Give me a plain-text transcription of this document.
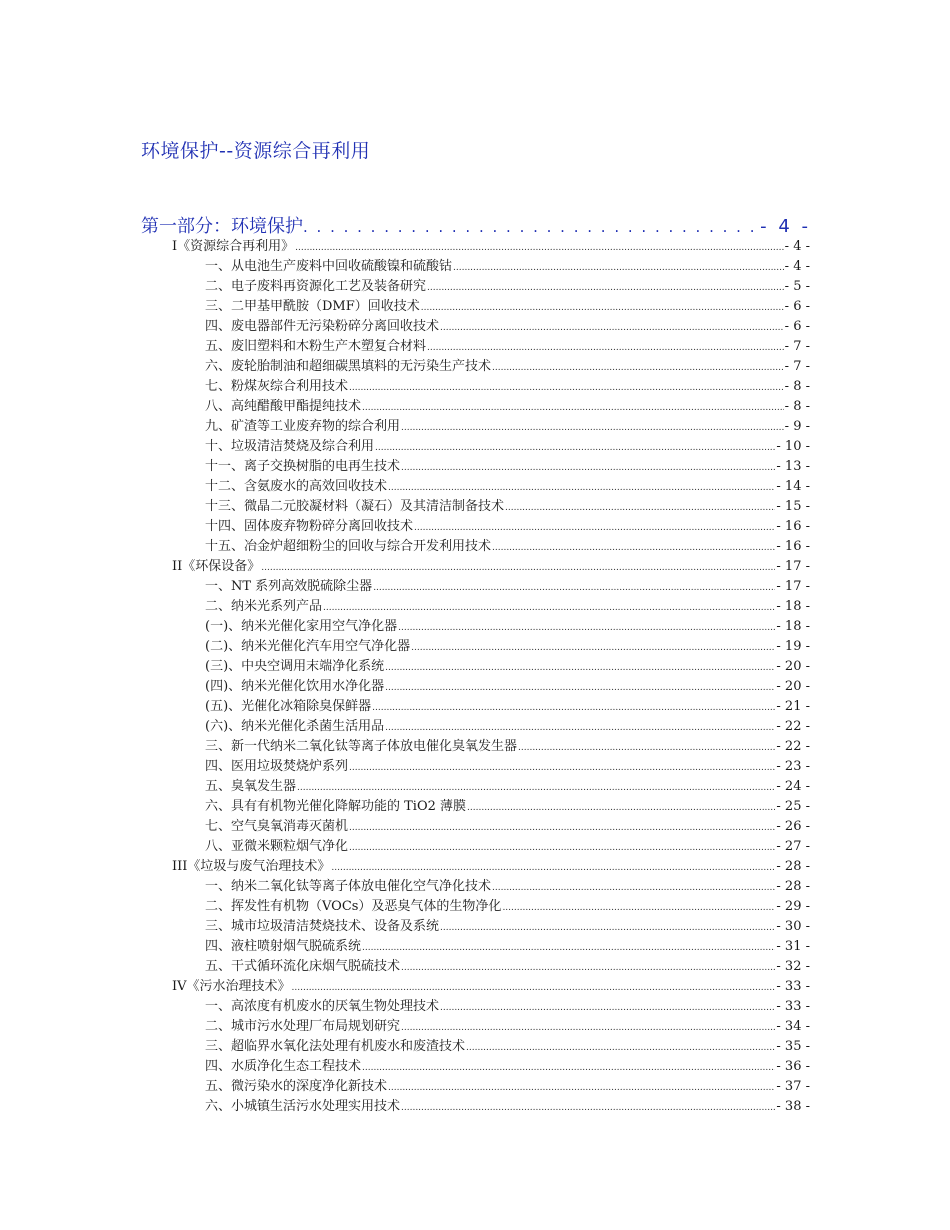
环境保护--资源综合再利用
第一部分：环境保护 . . .	- 4 -
I《资源综合再利用》 .....	- 4 -
一、从电池生产废料中回收硫酸镍和硫酸钴 .....	- 4 -
二、电子废料再资源化工艺及装备研究 .....	- 5 -
三、二甲基甲酰胺（DMF）回收技术 .....	- 6 -
四、废电器部件无污染粉碎分离回收技术 .....	- 6 -
五、废旧塑料和木粉生产木塑复合材料 .....	- 7 -
六、废轮胎制油和超细碳黑填料的无污染生产技术 .....	- 7 -
七、粉煤灰综合利用技术 .....	- 8 -
八、高纯醋酸甲酯提纯技术 .....	- 8 -
九、矿渣等工业废弃物的综合利用 .....	- 9 -
十、垃圾清洁焚烧及综合利用 .....	- 10 -
十一、离子交换树脂的电再生技术 .....	- 13 -
十二、含氨废水的高效回收技术 .....	- 14 -
十三、微晶二元胶凝材料（凝石）及其清洁制备技术 .....	- 15 -
十四、固体废弃物粉碎分离回收技术 .....	- 16 -
十五、冶金炉超细粉尘的回收与综合开发利用技术 .....	- 16 -
II《环保设备》 .....	- 17 -
一、NT 系列高效脱硫除尘器 .....	- 17 -
二、纳米光系列产品 .....	- 18 -
(一)、纳米光催化家用空气净化器 .....	- 18 -
(二)、纳米光催化汽车用空气净化器 .....	- 19 -
(三)、中央空调用末端净化系统 .....	- 20 -
(四)、纳米光催化饮用水净化器 .....	- 20 -
(五)、光催化冰箱除臭保鲜器 .....	- 21 -
(六)、纳米光催化杀菌生活用品 .....	- 22 -
三、新一代纳米二氧化钛等离子体放电催化臭氧发生器 .....	- 22 -
四、医用垃圾焚烧炉系列 .....	- 23 -
五、臭氧发生器 .....	- 24 -
六、具有有机物光催化降解功能的 TiO2 薄膜 .....	- 25 -
七、空气臭氧消毒灭菌机 .....	- 26 -
八、亚微米颗粒烟气净化 .....	- 27 -
III《垃圾与废气治理技术》 .....	- 28 -
一、纳米二氧化钛等离子体放电催化空气净化技术 .....	- 28 -
二、挥发性有机物（VOCs）及恶臭气体的生物净化 .....	- 29 -
三、城市垃圾清洁焚烧技术、设备及系统 .....	- 30 -
四、液柱喷射烟气脱硫系统 .....	- 31 -
五、干式循环流化床烟气脱硫技术 .....	- 32 -
IV《污水治理技术》 .....	- 33 -
一、高浓度有机废水的厌氧生物处理技术 .....	- 33 -
二、城市污水处理厂布局规划研究 .....	- 34 -
三、超临界水氧化法处理有机废水和废渣技术 .....	- 35 -
四、水质净化生态工程技术 .....	- 36 -
五、微污染水的深度净化新技术 .....	- 37 -
六、小城镇生活污水处理实用技术 .....	- 38 -
